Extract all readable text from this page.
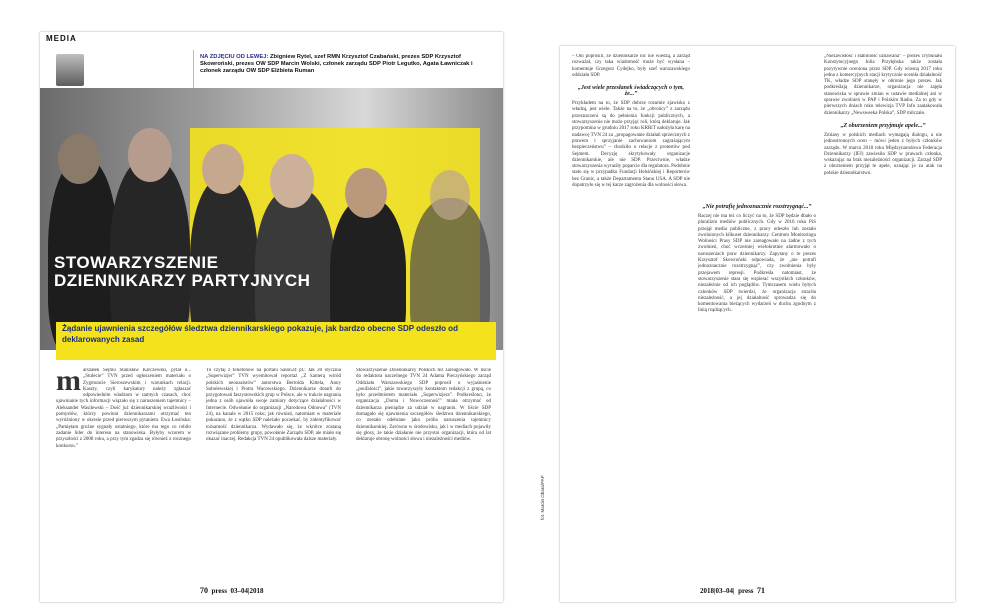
MEDIA
NA ZDJĘCIU OD LEWEJ: Zbigniew Rytel, szef RMN Krzysztof Czabański, prezes SDP Krzysztof Skowroński, prezes OW SDP Marcin Wolski, członek zarządu SDP Piotr Legutko, Agata Ławniczak i członek zarządu OW SDP Elżbieta Ruman
STOWARZYSZENIE
DZIENNIKARZY PARTYJNYCH
Żądanie ujawnienia szczegółów śledztwa dziennikarskiego pokazuje, jak bardzo obecne SDP odeszło od deklarowanych zasad

marszałek Sejmu Stanisław Karczewski, pytał o... „Stulecie” TVN przed ogłoszeniem materiału o Zygmuncie Sieroszewskim i warunkach relacji. Kaszty, czyli karykatury należy zgłaszać odpowiednim władzom w tamtych czasach, choć ujawnianie tych informacji wiązało się z naruszeniem tajemnicy – Aleksander Wasilewski – Dość już dziennikarskiej wrażliwości i pomysłów, którzy powinni dziennikarzami otrzymać ten wyróżniony w okresie przed pierwszym pytaniem. Ewa Łosińska: „Pamiętam groźne sygnały ostatniego, które ma tego co robiło zadanie lider do interesu na stanowiska. Byłyby wzorem w przyszłości z 2008 roku, a przy tym zgadza się również z rocznego konkursu.”

To czytaj z felietonów na portalu Salon24 pt.: Jak 20 stycznia „Superwizjer” TVN wyemitował reportaż „Z kamerą wśród polskich neonazistów” autorstwa Bertolda Kittela, Anny Sobolewskiej i Piotra Wacowskiego. Dziennikarze dotarli do przygotowań faszystowskich grup w Polsce, ale w trakcie nagrania jedna z osób ujawniła swoje zamiary dotyczące działalności w Internecie. Odwołanie do organizacji „Narodowa Odnowa” (TVN 24), na kanale w 2015 roku; jak również, natomiast w materiale pokazano, że z wątku SDP należało poczekać, by zidentyfikować tożsamość dziennikarza. Wydawało się, że wkrótce zostaną rozwiązane problemy grupy, powołanie Zarządu SDP, ale miało się okazać inaczej. Redakcja TVN 24 opublikowała dalsze materiały.

Stowarzyszenie Dziennikarzy Polskich też zareagowało. W liście do redaktora naczelnego TVN 24 Adama Pieczyńskiego zarząd Oddziału Warszawskiego SDP poprosił o wyjaśnienie „poufalości”, jakie towarzyszyły kontaktom redakcji z grupą, co było przedmiotem materiału „Superwizjera”. Podkreślono, że organizacja „Duma i Nowoczesność” miała otrzymać od dziennikarza pieniądze za udział w nagraniu. W liście SDP domagało się ujawnienia szczegółów śledztwa dziennikarskiego, co zostało odebrane jako próba naruszenia tajemnicy dziennikarskiej. Zarówno w środowisku, jak i w mediach pojawiły się głosy, że takie działanie nie przystoi organizacji, która od lat deklaruje obronę wolności słowa i niezależności mediów.

70 press 03–04|2018
fot. Marcin Obara/PAP

– Oni poprosili, że dziennikarze nic nie wiedzą, a zarząd rozważał, czy taka wiadomość może być wysłana – komentuje Grzegorz Cydejko, były szef warszawskiego oddziału SDP.

„Jest wiele przesłanek świadczących o tym, że...”

Przykładem na to, że SDP dobrze rozumie zjawisko z władzą, jest wiele. Także na to, że „obrońcy” z zarządu przeznaczeni są do pełnienia funkcji publicznych, a stowarzyszenie nie może przyjąć roli, którą deklaruje. Jak przypomina w grudniu 2017 roku KRRiT nałożyła karę na nadawcę TVN 24 za „propagowanie działań sprzecznych z prawem i sprzyjanie zachowaniom zagrażającym bezpieczeństwu” – chodziło o relacje z protestów pod Sejmem. Decyzję skrytykowały organizacje dziennikarskie, ale nie SDP. Przeciwnie, władze stowarzyszenia wyraziły poparcie dla regulatora. Podobnie stało się w przypadku Fundacji Helsińskiej i Reporterów bez Granic, a także Departamentu Stanu USA. A SDP nie dopatrzyło się w tej karze zagrożenia dla wolności słowa.

„Nie potrafię jednoznacznie rozstrzygnąć...”

Raczej nie ma też co liczyć na to, że SDP będzie dbało o pluralizm mediów publicznych. Gdy w 2016 roku PiS przejął media publiczne, z pracy odeszło lub zostało zwolnionych kilkuset dziennikarzy. Centrum Monitoringu Wolności Prasy SDP nie zareagowało na żadne z tych zwolnień, choć wcześniej wielokrotnie alarmowało o naruszeniach praw dziennikarzy. Zapytany o to prezes Krzysztof Skowroński odpowiada, że „nie potrafi jednoznacznie rozstrzygnąć”, czy zwolnienia były przejawem represji. Podkreśla natomiast, że stowarzyszenie stara się wspierać wszystkich członków, niezależnie od ich poglądów. Tymczasem wielu byłych członków SDP twierdzi, że organizacja straciła niezależność, a jej działalność sprowadza się do komentowania bieżących wydarzeń w duchu zgodnym z linią rządzących.

„Niezawisłość i stabilność uznawana” – prezes Trybunału Konstytucyjnego Julia Przyłębska także została pozytywnie oceniona przez SDP. Gdy wiosną 2017 roku jedna z komercyjnych stacji krytycznie oceniła działalność TK, władze SDP stanęły w obronie jego prezes. Jak podkreślają dziennikarze, organizacja nie zajęła stanowiska w sprawie zmian w ustawie medialnej ani w sprawie zwolnień w PAP i Polskim Radiu. Za to gdy w pierwszych dniach roku telewizja TVP Info zaatakowała dziennikarzy „Newsweeka Polska”, SDP milczało.

„Z oburzeniem przyjmuje apele...”

Zmiany w polskich mediach wymagają dialogu, a nie jednostronnych ocen – mówi jeden z byłych członków zarządu. W marcu 2018 roku Międzynarodowa Federacja Dziennikarzy (IFJ) zawiesiła SDP w prawach członka, wskazując na brak niezależności organizacji. Zarząd SDP z oburzeniem przyjął te apele, uznając je za atak na polskie dziennikarstwo.

2018|03–04| press 71
